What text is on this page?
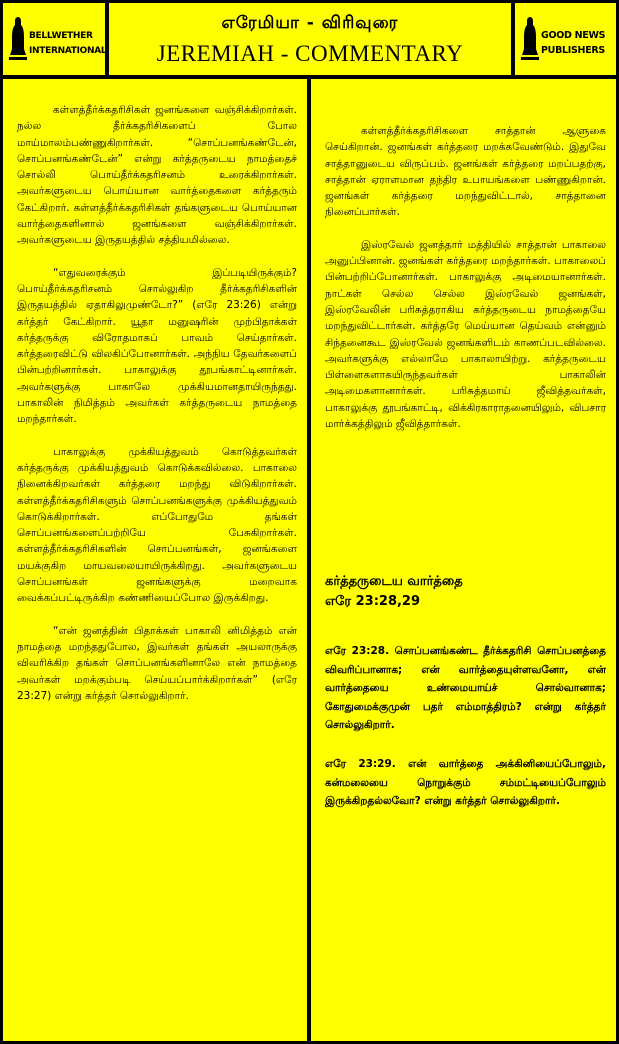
BELLWETHER
INTERNATIONAL
எரேமியா - விரிவுரை
JEREMIAH - COMMENTARY
GOOD NEWS
PUBLISHERS

கள்ளத்தீர்க்கதரிசிகள் ஜனங்களை வஞ்சிக்கிறார்கள். நல்ல தீர்க்கதரிசிகளைப் போல மாய்மாலம்பண்ணுகிறார்கள். “சொப்பனங்கண்டேன், சொப்பனங்கண்டேன்” என்று கர்த்தருடைய நாமத்தைச் சொல்லி பொய்தீர்க்கதரிசனம் உரைக்கிறார்கள். அவர்களுடைய பொய்யான வார்த்தைகளை கர்த்தரும் கேட்கிறார். கள்ளத்தீர்க்கதரிசிகள் தங்களுடைய பொய்யான வார்த்தைகளினால் ஜனங்களை வஞ்சிக்கிறார்கள். அவர்களுடைய இருதயத்தில் சத்தியமில்லை.

“எதுவரைக்கும் இப்படியிருக்கும்? பொய்தீர்க்கதரிசனம் சொல்லுகிற தீர்க்கதரிசிகளின் இருதயத்தில் ஏதாகிலுமுண்டோ?” (எரே 23:26) என்று கர்த்தர் கேட்கிறார். யூதா மனுஷரின் முற்பிதாக்கள் கர்த்தருக்கு விரோதமாகப் பாவம் செய்தார்கள். கர்த்தரைவிட்டு விலகிப்போனார்கள். அந்நிய தேவர்களைப் பின்பற்றினார்கள். பாகாலுக்கு தூபங்காட்டினார்கள். அவர்களுக்கு பாகாலே முக்கியமானதாயிருந்தது. பாகாலின் நிமித்தம் அவர்கள் கர்த்தருடைய நாமத்தை மறந்தார்கள்.

பாகாலுக்கு முக்கியத்துவம் கொடுத்தவர்கள் கர்த்தருக்கு முக்கியத்துவம் கொடுக்கவில்லை. பாகாலை நினைக்கிறவர்கள் கர்த்தரை மறந்து விடுகிறார்கள். கள்ளத்தீர்க்கதரிசிகளும் சொப்பனங்களுக்கு முக்கியத்துவம் கொடுக்கிறார்கள். எப்போதுமே தங்கள் சொப்பனங்களைப்பற்றியே பேசுகிறார்கள். கள்ளத்தீர்க்கதரிசிகளின் சொப்பனங்கள், ஜனங்களை மயக்குகிற மாயவலையாயிருக்கிறது. அவர்களுடைய சொப்பனங்கள் ஜனங்களுக்கு மறைவாக வைக்கப்பட்டிருக்கிற கண்ணியைப்போல இருக்கிறது.

“என் ஜனத்தின் பிதாக்கள் பாகாலி னிமித்தம் என் நாமத்தை மறந்ததுபோல, இவர்கள் தங்கள் அயலாருக்கு விவரிக்கிற தங்கள் சொப்பனங்களினாலே என் நாமத்தை அவர்கள் மறக்கும்படி செய்யப்பார்க்கிறார்கள்” (எரே 23:27) என்று கர்த்தர் சொல்லுகிறார்.

கள்ளத்தீர்க்கதரிசிகளை சாத்தான் ஆளுகை செய்கிறான். ஜனங்கள் கர்த்தரை மறக்கவேண்டும். இதுவே சாத்தானுடைய விருப்பம். ஜனங்கள் கர்த்தரை மறப்பதற்கு, சாத்தான் ஏராளமான தந்திர உபாயங்களை பண்ணுகிறான். ஜனங்கள் கர்த்தரை மறந்துவிட்டால், சாத்தானை நினைப்பார்கள்.

இஸ்ரவேல் ஜனத்தார் மத்தியில் சாத்தான் பாகாலை அனுப்பினான். ஜனங்கள் கர்த்தரை மறந்தார்கள். பாகாலைப் பின்பற்றிப்போனார்கள். பாகாலுக்கு அடிமையானார்கள். நாட்கள் செல்ல செல்ல இஸ்ரவேல் ஜனங்கள், இஸ்ரவேலின் பரிசுத்தராகிய கர்த்தருடைய நாமத்தையே மறந்துவிட்டார்கள். கர்த்தரே மெய்யான தெய்வம் என்னும் சிந்தனைகூட இஸ்ரவேல் ஜனங்களிடம் காணப்படவில்லை. அவர்களுக்கு எல்லாமே பாகாலாயிற்று. கர்த்தருடைய பிள்ளைகளாகயிருந்தவர்கள் பாகாலின் அடிமைகளானார்கள். பரிசுத்தமாய் ஜீவித்தவர்கள், பாகாலுக்கு தூபங்காட்டி, விக்கிரகாராதனையிலும், விபசார மார்க்கத்திலும் ஜீவித்தார்கள்.

கர்த்தருடைய வார்த்தை
எரே 23:28,29

எரே 23:28. சொப்பனங்கண்ட தீர்க்கதரிசி சொப்பனத்தை விவரிப்பானாக; என் வார்த்தையுள்ளவனோ, என் வார்த்தையை உண்மையாய்ச் சொல்வானாக; கோதுமைக்குமுன் பதர் எம்மாத்திரம்? என்று கர்த்தர் சொல்லுகிறார்.

எரே 23:29. என் வார்த்தை அக்கினியைப்போலும், கன்மலையை நொறுக்கும் சம்மட்டியைப்போலும் இருக்கிறதல்லவோ? என்று கர்த்தர் சொல்லுகிறார்.
